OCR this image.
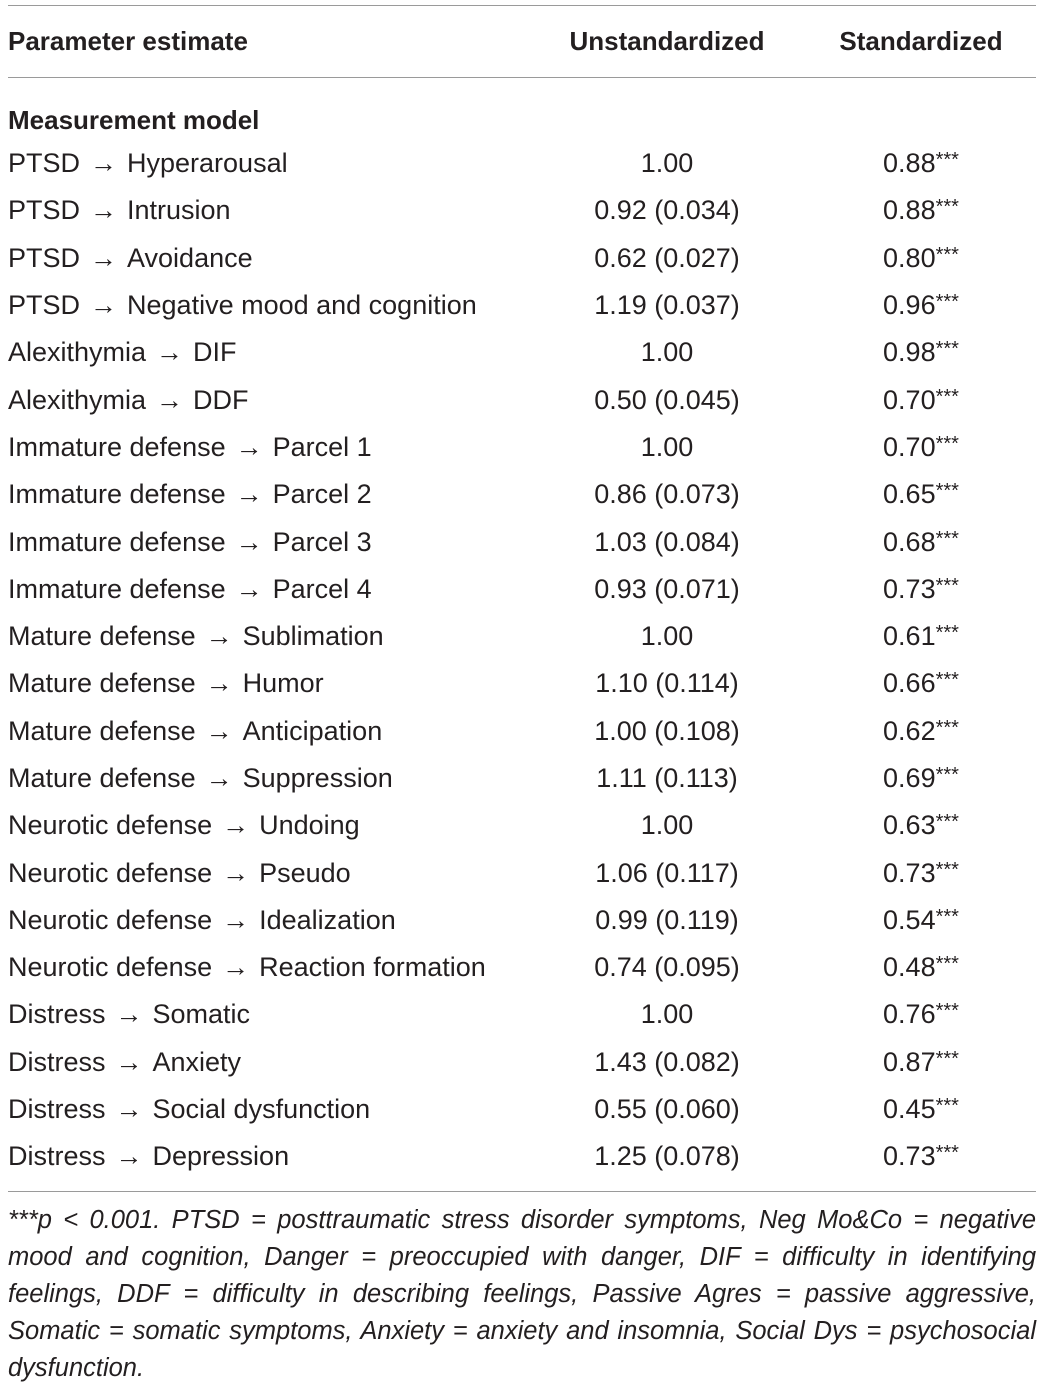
Parameter estimate	Unstandardized	Standardized
Measurement model
PTSD → Hyperarousal	1.00	0.88***
PTSD → Intrusion	0.92 (0.034)	0.88***
PTSD → Avoidance	0.62 (0.027)	0.80***
PTSD → Negative mood and cognition	1.19 (0.037)	0.96***
Alexithymia → DIF	1.00	0.98***
Alexithymia → DDF	0.50 (0.045)	0.70***
Immature defense → Parcel 1	1.00	0.70***
Immature defense → Parcel 2	0.86 (0.073)	0.65***
Immature defense → Parcel 3	1.03 (0.084)	0.68***
Immature defense → Parcel 4	0.93 (0.071)	0.73***
Mature defense → Sublimation	1.00	0.61***
Mature defense → Humor	1.10 (0.114)	0.66***
Mature defense → Anticipation	1.00 (0.108)	0.62***
Mature defense → Suppression	1.11 (0.113)	0.69***
Neurotic defense → Undoing	1.00	0.63***
Neurotic defense → Pseudo	1.06 (0.117)	0.73***
Neurotic defense → Idealization	0.99 (0.119)	0.54***
Neurotic defense → Reaction formation	0.74 (0.095)	0.48***
Distress → Somatic	1.00	0.76***
Distress → Anxiety	1.43 (0.082)	0.87***
Distress → Social dysfunction	0.55 (0.060)	0.45***
Distress → Depression	1.25 (0.078)	0.73***
***p < 0.001. PTSD = posttraumatic stress disorder symptoms, Neg Mo&Co = negative mood and cognition, Danger = preoccupied with danger, DIF = difficulty in identifying feelings, DDF = difficulty in describing feelings, Passive Agres = passive aggressive, Somatic = somatic symptoms, Anxiety = anxiety and insomnia, Social Dys = psychosocial dysfunction.
